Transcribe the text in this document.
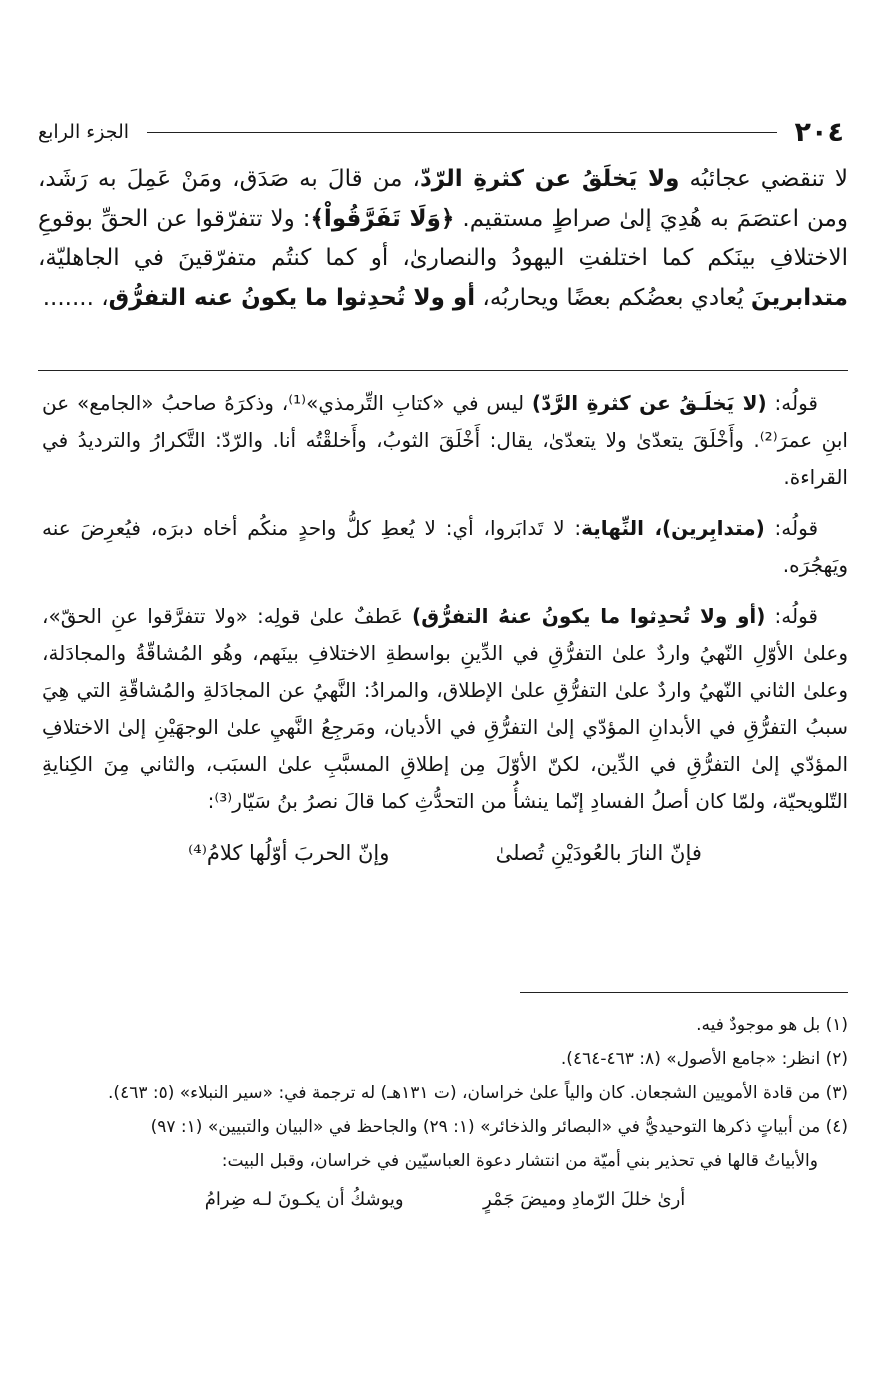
٢٠٤
الجزء الرابع

لا تنقضي عجائبُه ولا يَخلَقُ عن كثرةِ الرّدّ، من قالَ به صَدَق، ومَنْ عَمِلَ به رَشَد، ومن اعتصَمَ به هُدِيَ إلىٰ صراطٍ مستقيم. ﴿وَلَا تَفَرَّقُواْ﴾: ولا تتفرّقوا عن الحقِّ بوقوعِ الاختلافِ بينَكم كما اختلفتِ اليهودُ والنصارىٰ، أو كما كنتُم متفرّقينَ في الجاهليّة، متدابرينَ يُعادي بعضُكم بعضًا ويحاربُه، أو ولا تُحدِثوا ما يكونُ عنه التفرُّق، .......

قولُه: (لا يَخلَـقُ عن كثرةِ الرَّدّ) ليس في «كتابِ التِّرمذي»⁽¹⁾، وذكرَهُ صاحبُ «الجامع» عن ابنِ عمرَ⁽²⁾. وأَخْلَقَ يتعدّىٰ ولا يتعدّىٰ، يقال: أَخْلَقَ الثوبُ، وأَخلقْتُه أنا. والرّدّ: التَّكرارُ والترديدُ في القراءة.

قولُه: (متدابِرين)، النِّهاية: لا تَدابَروا، أي: لا يُعطِ كلُّ واحدٍ منكُم أخاه دبرَه، فيُعرِضَ عنه ويَهجُرَه.

قولُه: (أو ولا تُحدِثوا ما يكونُ عنهُ التفرُّق) عَطفٌ علىٰ قولِه: «ولا تتفرَّقوا عنِ الحقّ»، وعلىٰ الأوّلِ النّهيُ واردٌ علىٰ التفرُّقِ في الدِّينِ بواسطةِ الاختلافِ بينَهم، وهُو المُشاقّةُ والمجادَلة، وعلىٰ الثاني النّهيُ واردٌ علىٰ التفرُّقِ علىٰ الإطلاق، والمرادُ: النَّهيُ عن المجادَلةِ والمُشاقّةِ التي هِيَ سببُ التفرُّقِ في الأبدانِ المؤدّي إلىٰ التفرُّقِ في الأديان، ومَرجِعُ النَّهيِ علىٰ الوجهَيْنِ إلىٰ الاختلافِ المؤدّي إلىٰ التفرُّقِ في الدِّين، لكنّ الأوّلَ مِن إطلاقِ المسبَّبِ علىٰ السبَب، والثاني مِنَ الكِنايةِ التّلويحيّة، ولمّا كان أصلُ الفسادِ إنّما ينشأُ من التحدُّثِ كما قالَ نصرُ بنُ سَيّار⁽³⁾:

فإنّ النارَ بالعُودَيْنِ تُصلىٰ
وإنّ الحربَ أوّلُها كلامُ⁽⁴⁾

(١) بل هو موجودٌ فيه.

(٢) انظر: «جامع الأصول» (٨: ٤٦٣-٤٦٤).

(٣) من قادة الأمويين الشجعان. كان والياً علىٰ خراسان، (ت ١٣١هـ) له ترجمة في: «سير النبلاء» (٥: ٤٦٣).

(٤) من أبياتٍ ذكرها التوحيديُّ في «البصائر والذخائر» (١: ٢٩) والجاحظ في «البيان والتبيين» (١: ٩٧)

والأبياتُ قالها في تحذير بني أميّة من انتشار دعوة العباسيّين في خراسان، وقبل البيت:

أرىٰ خللَ الرّمادِ وميضَ جَمْرٍ
ويوشكُ أن يكـونَ لـه ضِرامُ
